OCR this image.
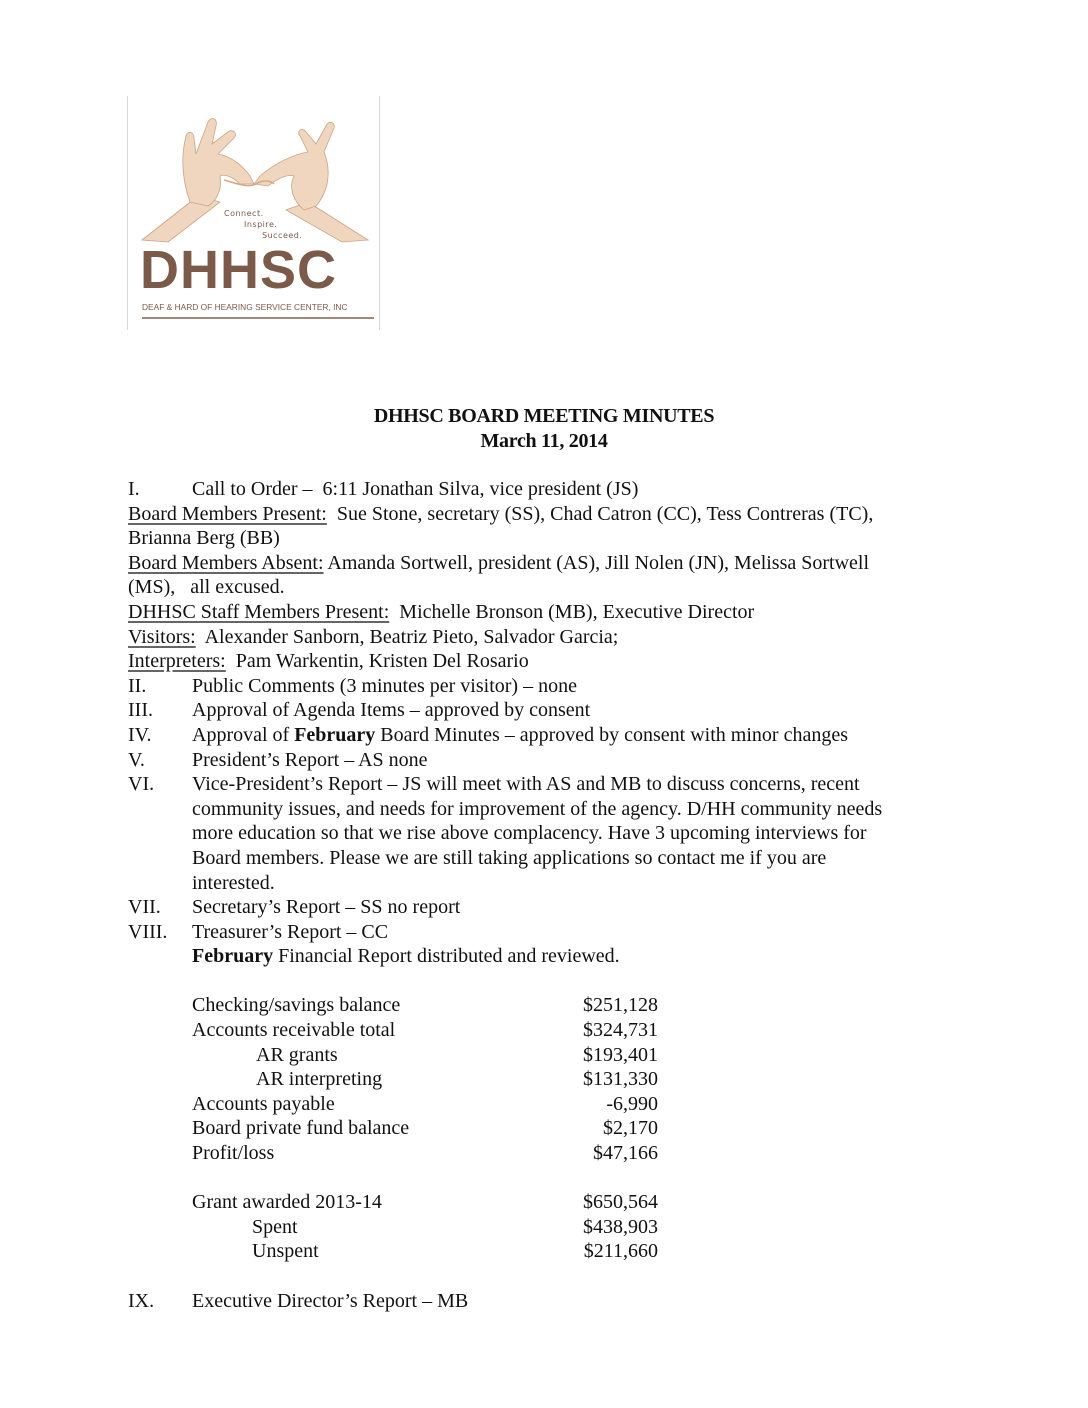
Connect.
Inspire.
Succeed.
DHHSC
DEAF & HARD OF HEARING SERVICE CENTER, INC
DHHSC BOARD MEETING MINUTES
March 11, 2014
I.	Call to Order –  6:11 Jonathan Silva, vice president (JS)
Board Members Present:  Sue Stone, secretary (SS), Chad Catron (CC), Tess Contreras (TC),
Brianna Berg (BB)
Board Members Absent: Amanda Sortwell, president (AS), Jill Nolen (JN), Melissa Sortwell
(MS),   all excused.
DHHSC Staff Members Present:  Michelle Bronson (MB), Executive Director
Visitors:  Alexander Sanborn, Beatriz Pieto, Salvador Garcia;
Interpreters:  Pam Warkentin, Kristen Del Rosario
II. Public Comments (3 minutes per visitor) – none
III. Approval of Agenda Items – approved by consent
IV. Approval of February Board Minutes – approved by consent with minor changes
V. President’s Report – AS none
VI. Vice-President’s Report – JS will meet with AS and MB to discuss concerns, recent
community issues, and needs for improvement of the agency. D/HH community needs
more education so that we rise above complacency. Have 3 upcoming interviews for
Board members. Please we are still taking applications so contact me if you are
interested.
VII. Secretary’s Report – SS no report
VIII. Treasurer’s Report – CC
February Financial Report distributed and reviewed.
Checking/savings balance	$251,128
Accounts receivable total	$324,731
AR grants	$193,401
AR interpreting	$131,330
Accounts payable	-6,990
Board private fund balance	$2,170
Profit/loss	$47,166
Grant awarded 2013-14	$650,564
Spent	$438,903
Unspent	$211,660
IX. Executive Director’s Report – MB
